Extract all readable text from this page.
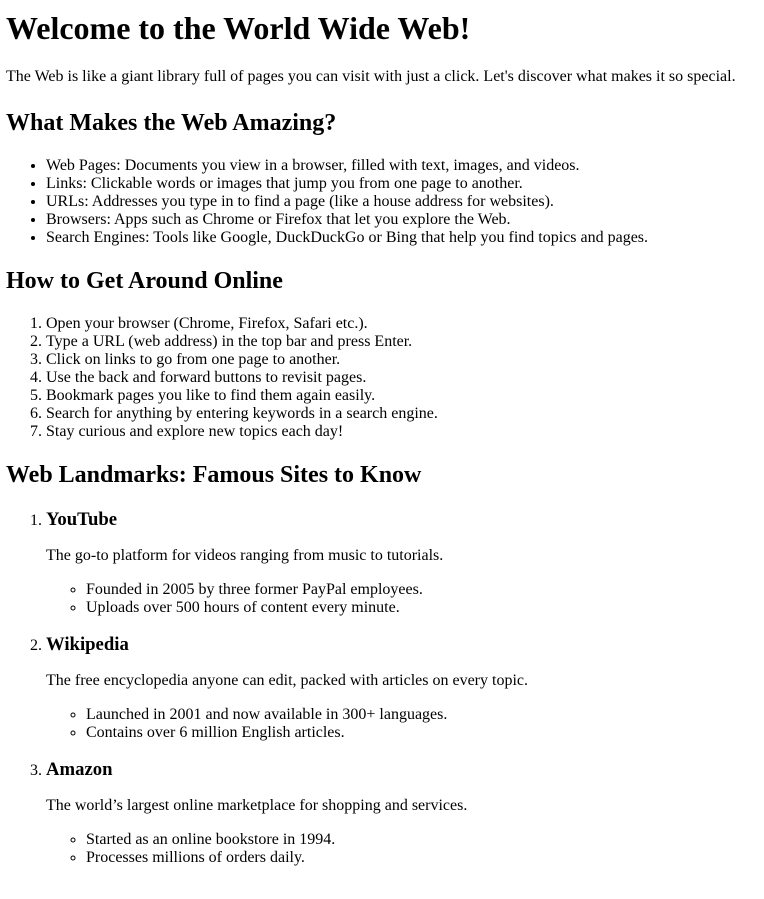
Welcome to the World Wide Web!

The Web is like a giant library full of pages you can visit with just a click. Let's discover what makes it so special.

What Makes the Web Amazing?
• Web Pages: Documents you view in a browser, filled with text, images, and videos.
• Links: Clickable words or images that jump you from one page to another.
• URLs: Addresses you type in to find a page (like a house address for websites).
• Browsers: Apps such as Chrome or Firefox that let you explore the Web.
• Search Engines: Tools like Google, DuckDuckGo or Bing that help you find topics and pages.
How to Get Around Online
1. Open your browser (Chrome, Firefox, Safari etc.).
2. Type a URL (web address) in the top bar and press Enter.
3. Click on links to go from one page to another.
4. Use the back and forward buttons to revisit pages.
5. Bookmark pages you like to find them again easily.
6. Search for anything by entering keywords in a search engine.
7. Stay curious and explore new topics each day!
Web Landmarks: Famous Sites to Know
1. YouTube

The go-to platform for videos ranging from music to tutorials.

◦ Founded in 2005 by three former PayPal employees.
◦ Uploads over 500 hours of content every minute.
2. Wikipedia

The free encyclopedia anyone can edit, packed with articles on every topic.

◦ Launched in 2001 and now available in 300+ languages.
◦ Contains over 6 million English articles.
3. Amazon

The world’s largest online marketplace for shopping and services.

◦ Started as an online bookstore in 1994.
◦ Processes millions of orders daily.
